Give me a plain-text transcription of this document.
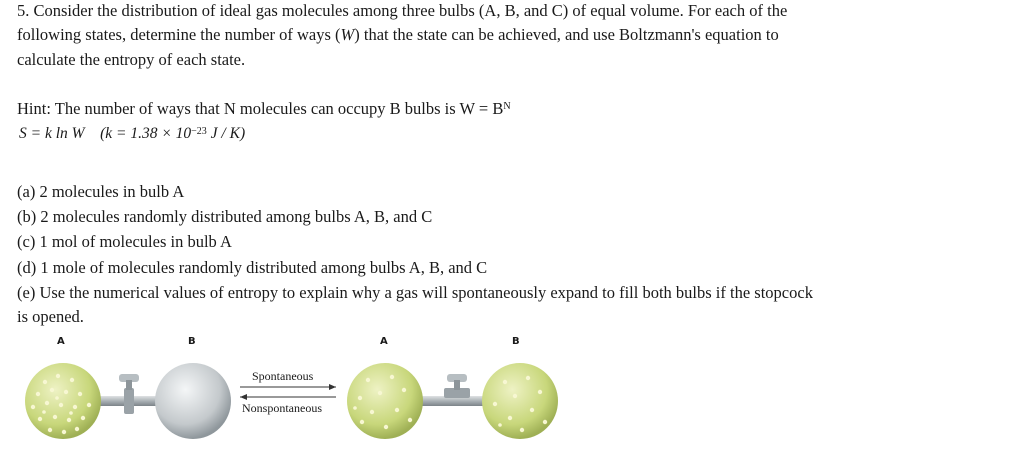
5. Consider the distribution of ideal gas molecules among three bulbs (A, B, and C) of equal volume. For each of the
following states, determine the number of ways (W) that the state can be achieved, and use Boltzmann's equation to
calculate the entropy of each state.
Hint: The number of ways that N molecules can occupy B bulbs is $W = B^N$
S = k ln W ($k = 1.38 \times 10^{-23}$ J / K)
(a) 2 molecules in bulb A
(b) 2 molecules randomly distributed among bulbs A, B, and C
(c) 1 mol of molecules in bulb A
(d) 1 mole of molecules randomly distributed among bulbs A, B, and C
(e) Use the numerical values of entropy to explain why a gas will spontaneously expand to fill both bulbs if the stopcock
is opened.
A	B	A	B
Spontaneous
Nonspontaneous
